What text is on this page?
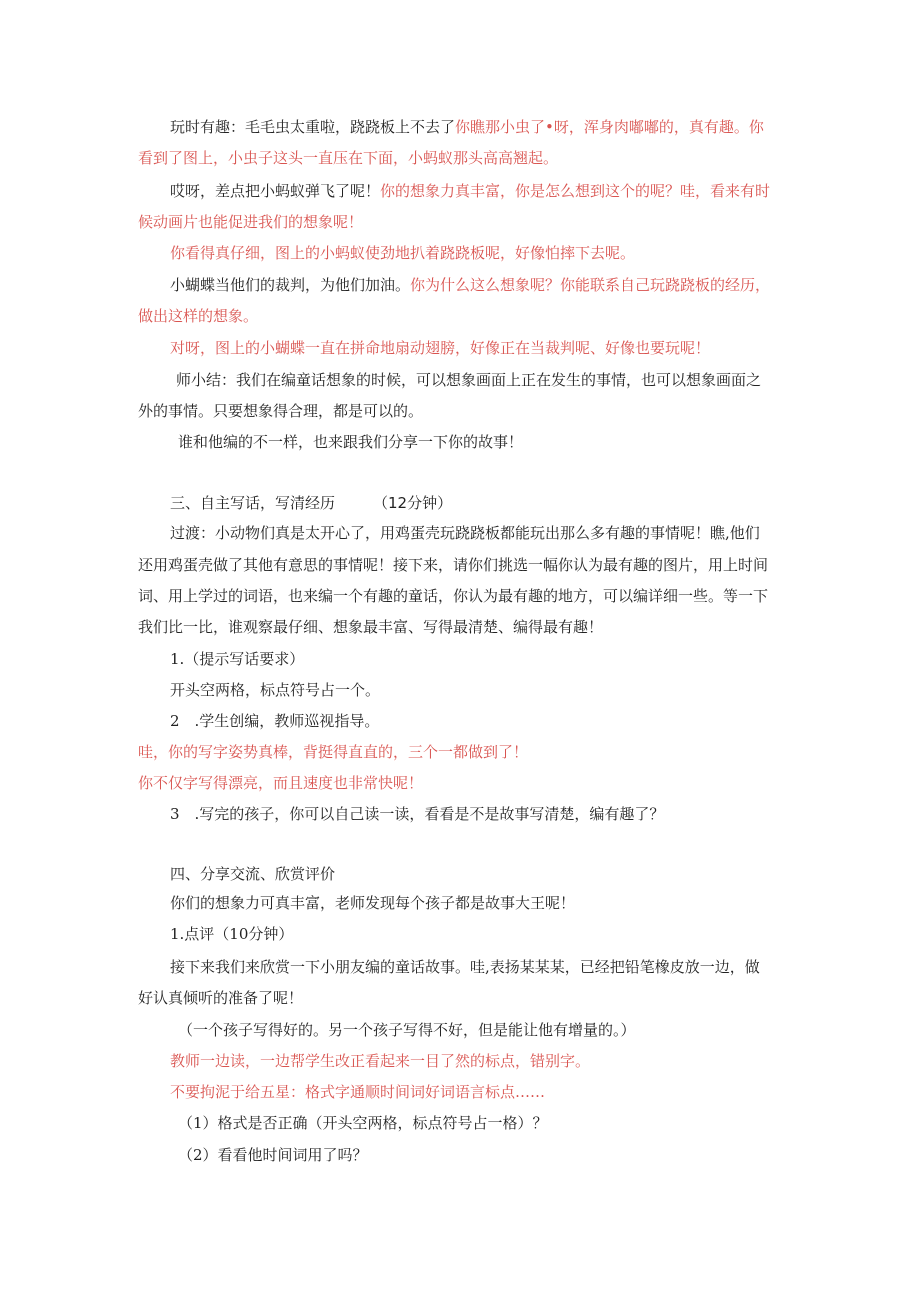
玩时有趣：毛毛虫太重啦，跷跷板上不去了你瞧那小虫了•呀，浑身肉嘟嘟的，真有趣。你
看到了图上，小虫子这头一直压在下面，小蚂蚁那头高高翘起。
哎呀，差点把小蚂蚁弹飞了呢！你的想象力真丰富，你是怎么想到这个的呢？哇，看来有时
候动画片也能促进我们的想象呢！
你看得真仔细，图上的小蚂蚁使劲地扒着跷跷板呢，好像怕摔下去呢。
小蝴蝶当他们的裁判，为他们加油。你为什么这么想象呢？你能联系自己玩跷跷板的经历，
做出这样的想象。
对呀，图上的小蝴蝶一直在拼命地扇动翅膀，好像正在当裁判呢、好像也要玩呢！
师小结：我们在编童话想象的时候，可以想象画面上正在发生的事情，也可以想象画面之
外的事情。只要想象得合理，都是可以的。
谁和他编的不一样，也来跟我们分享一下你的故事！
三、自主写话，写清经历	（12分钟）
过渡：小动物们真是太开心了，用鸡蛋壳玩跷跷板都能玩出那么多有趣的事情呢！瞧,他们
还用鸡蛋壳做了其他有意思的事情呢！接下来，请你们挑选一幅你认为最有趣的图片，用上时间
词、用上学过的词语，也来编一个有趣的童话，你认为最有趣的地方，可以编详细一些。等一下
我们比一比，谁观察最仔细、想象最丰富、写得最清楚、编得最有趣！
1.（提示写话要求）
开头空两格，标点符号占一个。
2　.学生创编，教师巡视指导。
哇，你的写字姿势真棒，背挺得直直的，三个一都做到了！
你不仅字写得漂亮，而且速度也非常快呢！
3　.写完的孩子，你可以自己读一读，看看是不是故事写清楚，编有趣了？
四、分享交流、欣赏评价
你们的想象力可真丰富，老师发现每个孩子都是故事大王呢！
1.点评（10分钟）
接下来我们来欣赏一下小朋友编的童话故事。哇,表扬某某某，已经把铅笔橡皮放一边，做
好认真倾听的准备了呢！
（一个孩子写得好的。另一个孩子写得不好，但是能让他有增量的。）
教师一边读，一边帮学生改正看起来一目了然的标点，错别字。
不要拘泥于给五星：格式字通顺时间词好词语言标点……
（1）格式是否正确（开头空两格，标点符号占一格）？
（2）看看他时间词用了吗？
